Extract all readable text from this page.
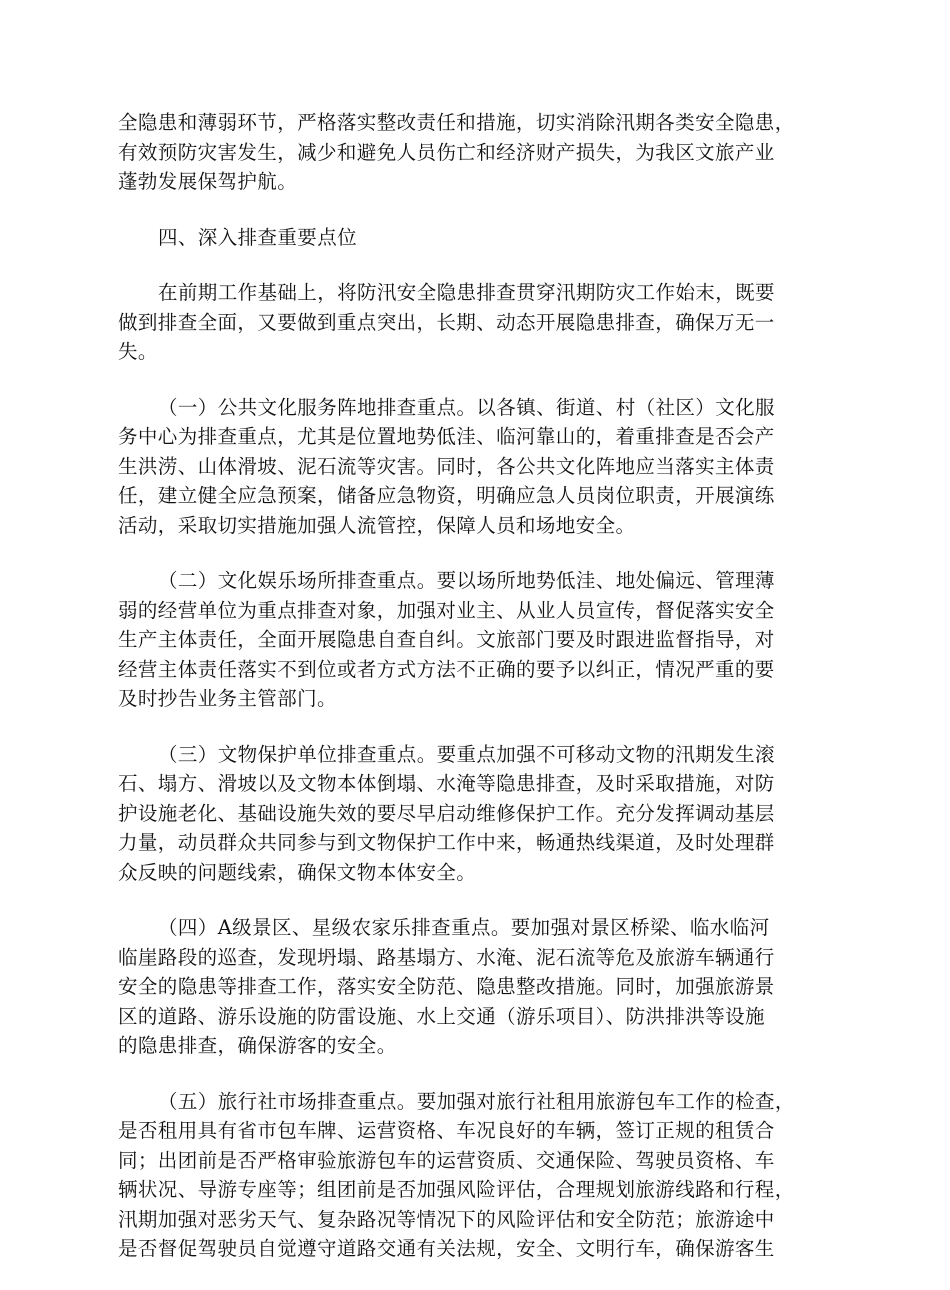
全隐患和薄弱环节，严格落实整改责任和措施，切实消除汛期各类安全隐患，
有效预防灾害发生，减少和避免人员伤亡和经济财产损失，为我区文旅产业
蓬勃发展保驾护航。
四、深入排查重要点位
在前期工作基础上，将防汛安全隐患排查贯穿汛期防灾工作始末，既要
做到排查全面，又要做到重点突出，长期、动态开展隐患排查，确保万无一
失。
（一）公共文化服务阵地排查重点。以各镇、街道、村（社区）文化服
务中心为排查重点，尤其是位置地势低洼、临河靠山的，着重排查是否会产
生洪涝、山体滑坡、泥石流等灾害。同时，各公共文化阵地应当落实主体责
任，建立健全应急预案，储备应急物资，明确应急人员岗位职责，开展演练
活动，采取切实措施加强人流管控，保障人员和场地安全。
（二）文化娱乐场所排查重点。要以场所地势低洼、地处偏远、管理薄
弱的经营单位为重点排查对象，加强对业主、从业人员宣传，督促落实安全
生产主体责任，全面开展隐患自查自纠。文旅部门要及时跟进监督指导，对
经营主体责任落实不到位或者方式方法不正确的要予以纠正，情况严重的要
及时抄告业务主管部门。
（三）文物保护单位排查重点。要重点加强不可移动文物的汛期发生滚
石、塌方、滑坡以及文物本体倒塌、水淹等隐患排查，及时采取措施，对防
护设施老化、基础设施失效的要尽早启动维修保护工作。充分发挥调动基层
力量，动员群众共同参与到文物保护工作中来，畅通热线渠道，及时处理群
众反映的问题线索，确保文物本体安全。
（四）A级景区、星级农家乐排查重点。要加强对景区桥梁、临水临河
临崖路段的巡查，发现坍塌、路基塌方、水淹、泥石流等危及旅游车辆通行
安全的隐患等排查工作，落实安全防范、隐患整改措施。同时，加强旅游景
区的道路、游乐设施的防雷设施、水上交通（游乐项目）、防洪排洪等设施
的隐患排查，确保游客的安全。
（五）旅行社市场排查重点。要加强对旅行社租用旅游包车工作的检查，
是否租用具有省市包车牌、运营资格、车况良好的车辆，签订正规的租赁合
同；出团前是否严格审验旅游包车的运营资质、交通保险、驾驶员资格、车
辆状况、导游专座等；组团前是否加强风险评估，合理规划旅游线路和行程，
汛期加强对恶劣天气、复杂路况等情况下的风险评估和安全防范；旅游途中
是否督促驾驶员自觉遵守道路交通有关法规，安全、文明行车，确保游客生
